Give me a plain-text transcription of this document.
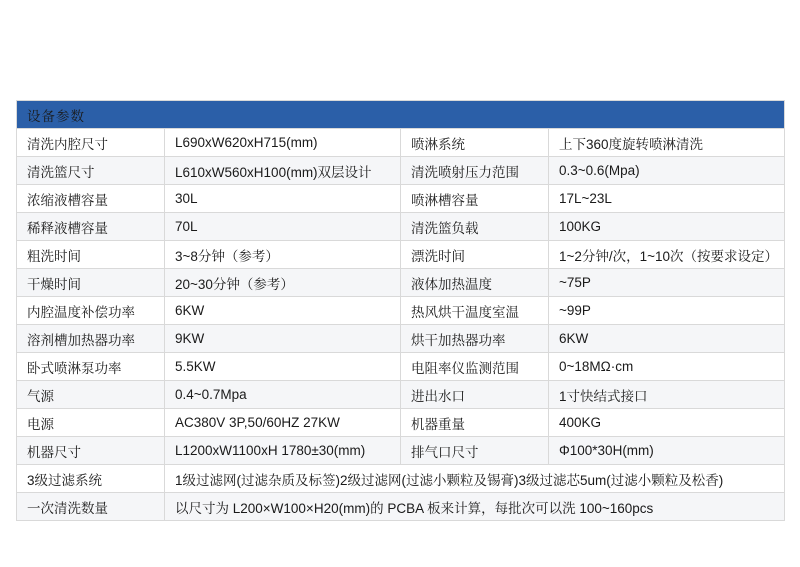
设备参数			
清洗内腔尺寸	L690xW620xH715(mm)	喷淋系统	上下360度旋转喷淋清洗
清洗篮尺寸	L610xW560xH100(mm)双层设计	清洗喷射压力范围	0.3~0.6(Mpa)
浓缩液槽容量	30L	喷淋槽容量	17L~23L
稀释液槽容量	70L	清洗篮负载	100KG
粗洗时间	3~8分钟（参考）	漂洗时间	1~2分钟/次，1~10次（按要求设定）
干燥时间	20~30分钟（参考）	液体加热温度	~75P
内腔温度补偿功率	6KW	热风烘干温度室温	~99P
溶剂槽加热器功率	9KW	烘干加热器功率	6KW
卧式喷淋泵功率	5.5KW	电阻率仪监测范围	0~18MΩ·cm
气源	0.4~0.7Mpa	进出水口	1寸快结式接口
电源	AC380V 3P,50/60HZ 27KW	机器重量	400KG
机器尺寸	L1200xW1100xH 1780±30(mm)	排气口尺寸	Φ100*30H(mm)
3级过滤系统	1级过滤网(过滤杂质及标签)2级过滤网(过滤小颗粒及锡膏)3级过滤芯5um(过滤小颗粒及松香)		
一次清洗数量	以尺寸为 L200×W100×H20(mm)的 PCBA 板来计算，每批次可以洗 100~160pcs		
